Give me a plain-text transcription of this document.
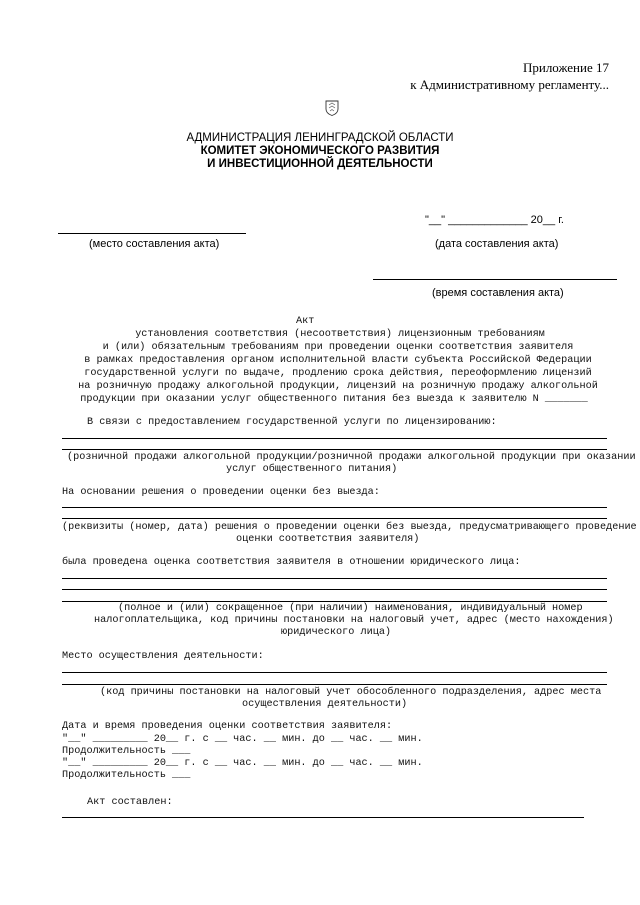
Приложение 17
к Административному регламенту...
АДМИНИСТРАЦИЯ ЛЕНИНГРАДСКОЙ ОБЛАСТИ
КОМИТЕТ ЭКОНОМИЧЕСКОГО РАЗВИТИЯ
И ИНВЕСТИЦИОННОЙ ДЕЯТЕЛЬНОСТИ
"__" _____________ 20__ г.
(место составления акта)	(дата составления акта)
(время составления акта)
Акт
установления соответствия (несоответствия) лицензионным требованиям
и (или) обязательным требованиям при проведении оценки соответствия заявителя
в рамках предоставления органом исполнительной власти субъекта Российской Федерации
государственной услуги по выдаче, продлению срока действия, переоформлению лицензий
на розничную продажу алкогольной продукции, лицензий на розничную продажу алкогольной
продукции при оказании услуг общественного питания без выезда к заявителю N _______
В связи с предоставлением государственной услуги по лицензированию:
(розничной продажи алкогольной продукции/розничной продажи алкогольной продукции при оказании
услуг общественного питания)
На основании решения о проведении оценки без выезда:
(реквизиты (номер, дата) решения о проведении оценки без выезда, предусматривающего проведение
оценки соответствия заявителя)
была проведена оценка соответствия заявителя в отношении юридического лица:
(полное и (или) сокращенное (при наличии) наименования, индивидуальный номер
налогоплательщика, код причины постановки на налоговый учет, адрес (место нахождения)
юридического лица)
Место осуществления деятельности:
(код причины постановки на налоговый учет обособленного подразделения, адрес места
осуществления деятельности)
Дата и время проведения оценки соответствия заявителя:
"__" _________ 20__ г. с __ час. __ мин. до __ час. __ мин.
Продолжительность ___
"__" _________ 20__ г. с __ час. __ мин. до __ час. __ мин.
Продолжительность ___
Акт составлен:
